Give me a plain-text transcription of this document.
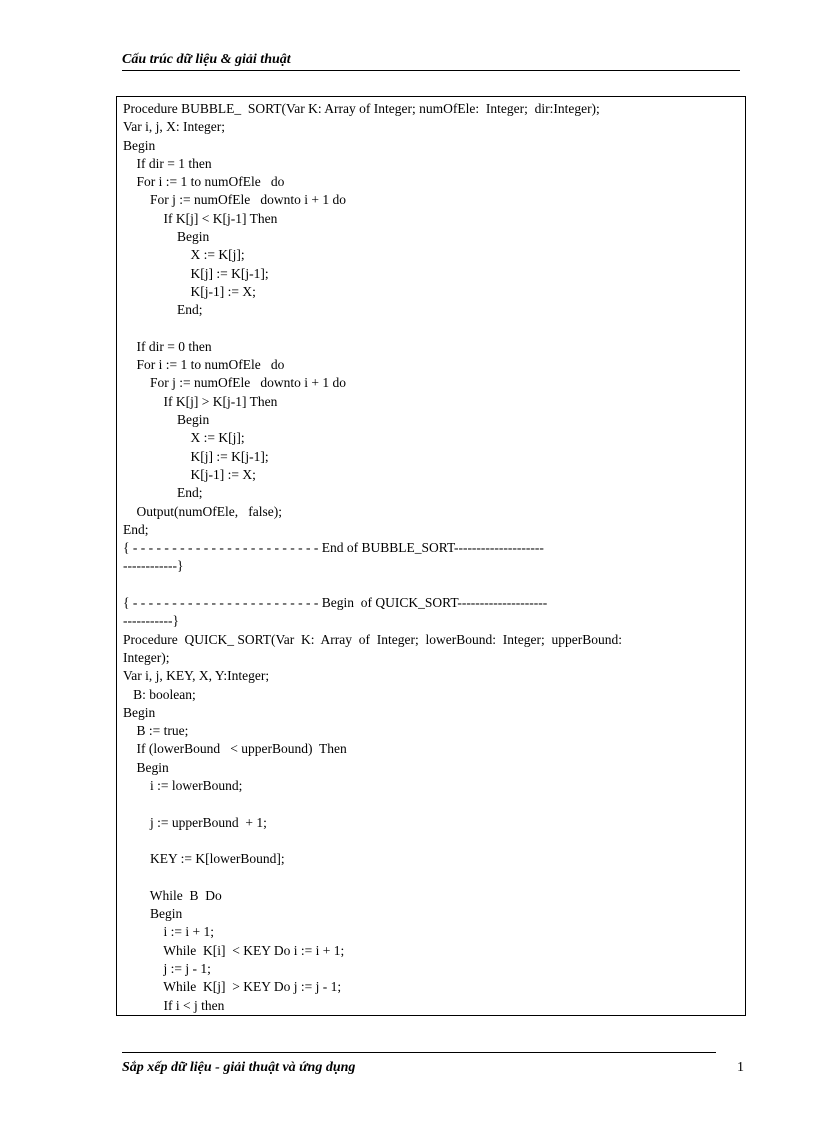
Cấu trúc dữ liệu & giải thuật
Procedure BUBBLE_  SORT(Var K: Array of Integer; numOfEle:  Integer;  dir:Integer);
Var i, j, X: Integer;
Begin
If dir = 1 then
For i := 1 to numOfEle   do
For j := numOfEle   downto i + 1 do
If K[j] < K[j-1] Then
Begin
X := K[j];
K[j] := K[j-1];
K[j-1] := X;
End;
If dir = 0 then
For i := 1 to numOfEle   do
For j := numOfEle   downto i + 1 do
If K[j] > K[j-1] Then
Begin
X := K[j];
K[j] := K[j-1];
K[j-1] := X;
End;
Output(numOfEle,   false);
End;
{ - - - - - - - - - - - - - - - - - - - - - - - - End of BUBBLE_SORT--------------------
------------}
{ - - - - - - - - - - - - - - - - - - - - - - - - Begin  of QUICK_SORT--------------------
-----------}
Procedure  QUICK_ SORT(Var  K:  Array  of  Integer;  lowerBound:  Integer;  upperBound:
Integer);
Var i, j, KEY, X, Y:Integer;
B: boolean;
Begin
B := true;
If (lowerBound   < upperBound)  Then
Begin
i := lowerBound;
j := upperBound  + 1;
KEY := K[lowerBound];
While  B  Do
Begin
i := i + 1;
While  K[i]  < KEY Do i := i + 1;
j := j - 1;
While  K[j]  > KEY Do j := j - 1;
If i < j then
Sắp xếp dữ liệu - giải thuật và ứng dụng	1
